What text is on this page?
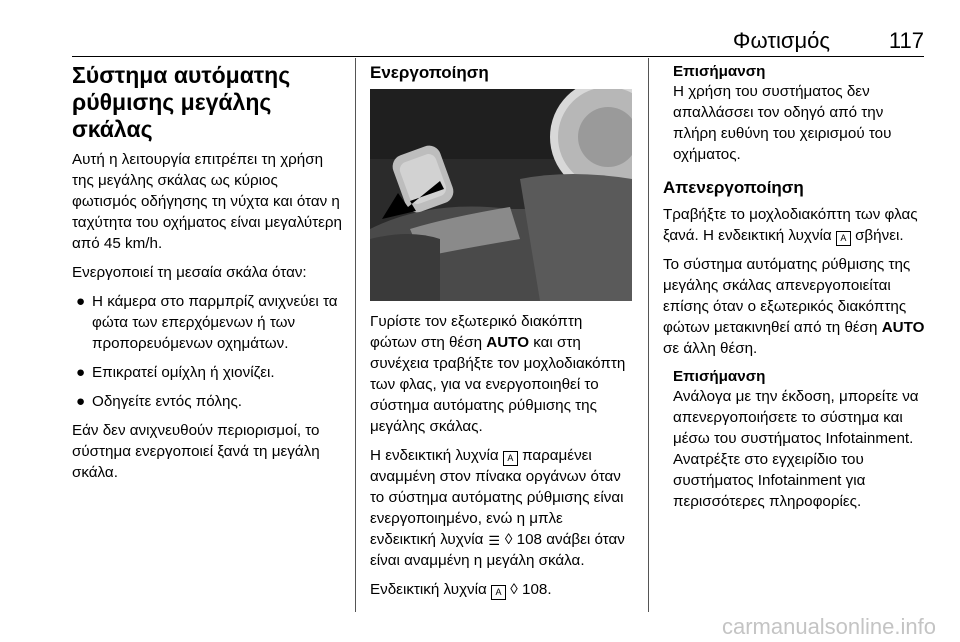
Φωτισμός	117
Σύστημα αυτόματης
ρύθμισης μεγάλης σκάλας

Αυτή η λειτουργία επιτρέπει τη χρήση της μεγάλης σκάλας ως κύριος φωτισμός οδήγησης τη νύχτα και όταν η ταχύτητα του οχήματος είναι μεγαλύτερη από 45 km/h.

Ενεργοποιεί τη μεσαία σκάλα όταν:

● Η κάμερα στο παρμπρίζ ανιχνεύει τα φώτα των επερχόμενων ή των προπορευόμενων οχημάτων.
● Επικρατεί ομίχλη ή χιονίζει.
● Οδηγείτε εντός πόλης.

Εάν δεν ανιχνευθούν περιορισμοί, το σύστημα ενεργοποιεί ξανά τη μεγάλη σκάλα.

Ενεργοποίηση

Γυρίστε τον εξωτερικό διακόπτη φώτων στη θέση AUTO και στη συνέχεια τραβήξτε τον μοχλοδιακόπτη των φλας, για να ενεργοποιηθεί το σύστημα αυτόματης ρύθμισης της μεγάλης σκάλας.

Η ενδεικτική λυχνία A παραμένει αναμμένη στον πίνακα οργάνων όταν το σύστημα αυτόματης ρύθμισης είναι ενεργοποιημένο, ενώ η μπλε ενδεικτική λυχνία ☰ ◊ 108 ανάβει όταν είναι αναμμένη η μεγάλη σκάλα.

Ενδεικτική λυχνία A ◊ 108.

Επισήμανση
Η χρήση του συστήματος δεν απαλλάσσει τον οδηγό από την πλήρη ευθύνη του χειρισμού του οχήματος.
Απενεργοποίηση

Τραβήξτε το μοχλοδιακόπτη των φλας ξανά. Η ενδεικτική λυχνία A σβήνει.

Το σύστημα αυτόματης ρύθμισης της μεγάλης σκάλας απενεργοποιείται επίσης όταν ο εξωτερικός διακόπτης φώτων μετακινηθεί από τη θέση AUTO σε άλλη θέση.

Επισήμανση
Ανάλογα με την έκδοση, μπορείτε να απενεργοποιήσετε το σύστημα και μέσω του συστήματος Infotainment. Ανατρέξτε στο εγχειρίδιο του συστήματος Infotainment για περισσότερες πληροφορίες.
carmanualsonline.info
